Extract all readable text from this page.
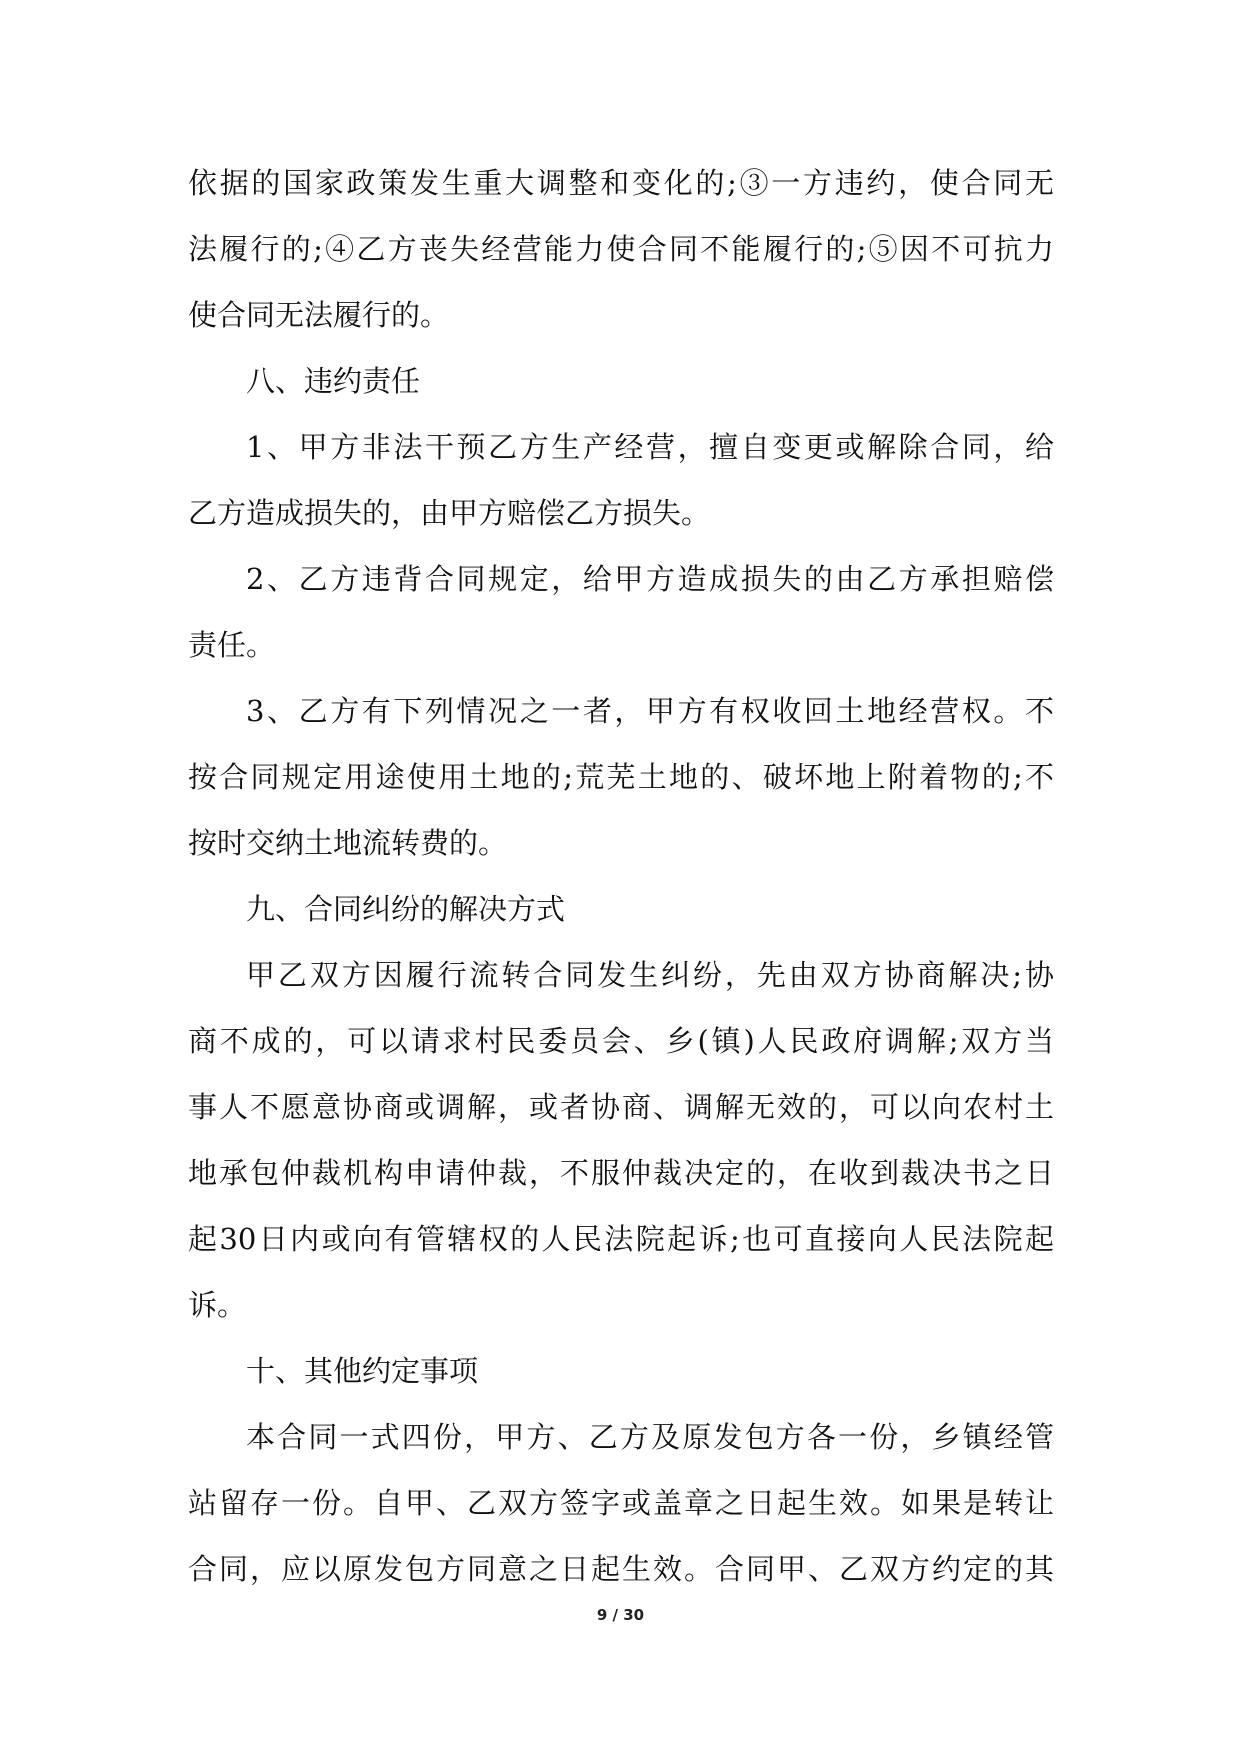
依据的国家政策发生重大调整和变化的;③一方违约，使合同无
法履行的;④乙方丧失经营能力使合同不能履行的;⑤因不可抗力
使合同无法履行的。
八、违约责任
1、甲方非法干预乙方生产经营，擅自变更或解除合同，给
乙方造成损失的，由甲方赔偿乙方损失。
2、乙方违背合同规定，给甲方造成损失的由乙方承担赔偿
责任。
3、乙方有下列情况之一者，甲方有权收回土地经营权。不
按合同规定用途使用土地的;荒芜土地的、破坏地上附着物的;不
按时交纳土地流转费的。
九、合同纠纷的解决方式
甲乙双方因履行流转合同发生纠纷，先由双方协商解决;协
商不成的，可以请求村民委员会、乡(镇)人民政府调解;双方当
事人不愿意协商或调解，或者协商、调解无效的，可以向农村土
地承包仲裁机构申请仲裁，不服仲裁决定的，在收到裁决书之日
起30日内或向有管辖权的人民法院起诉;也可直接向人民法院起
诉。
十、其他约定事项
本合同一式四份，甲方、乙方及原发包方各一份，乡镇经管
站留存一份。自甲、乙双方签字或盖章之日起生效。如果是转让
合同，应以原发包方同意之日起生效。合同甲、乙双方约定的其
9 / 30
